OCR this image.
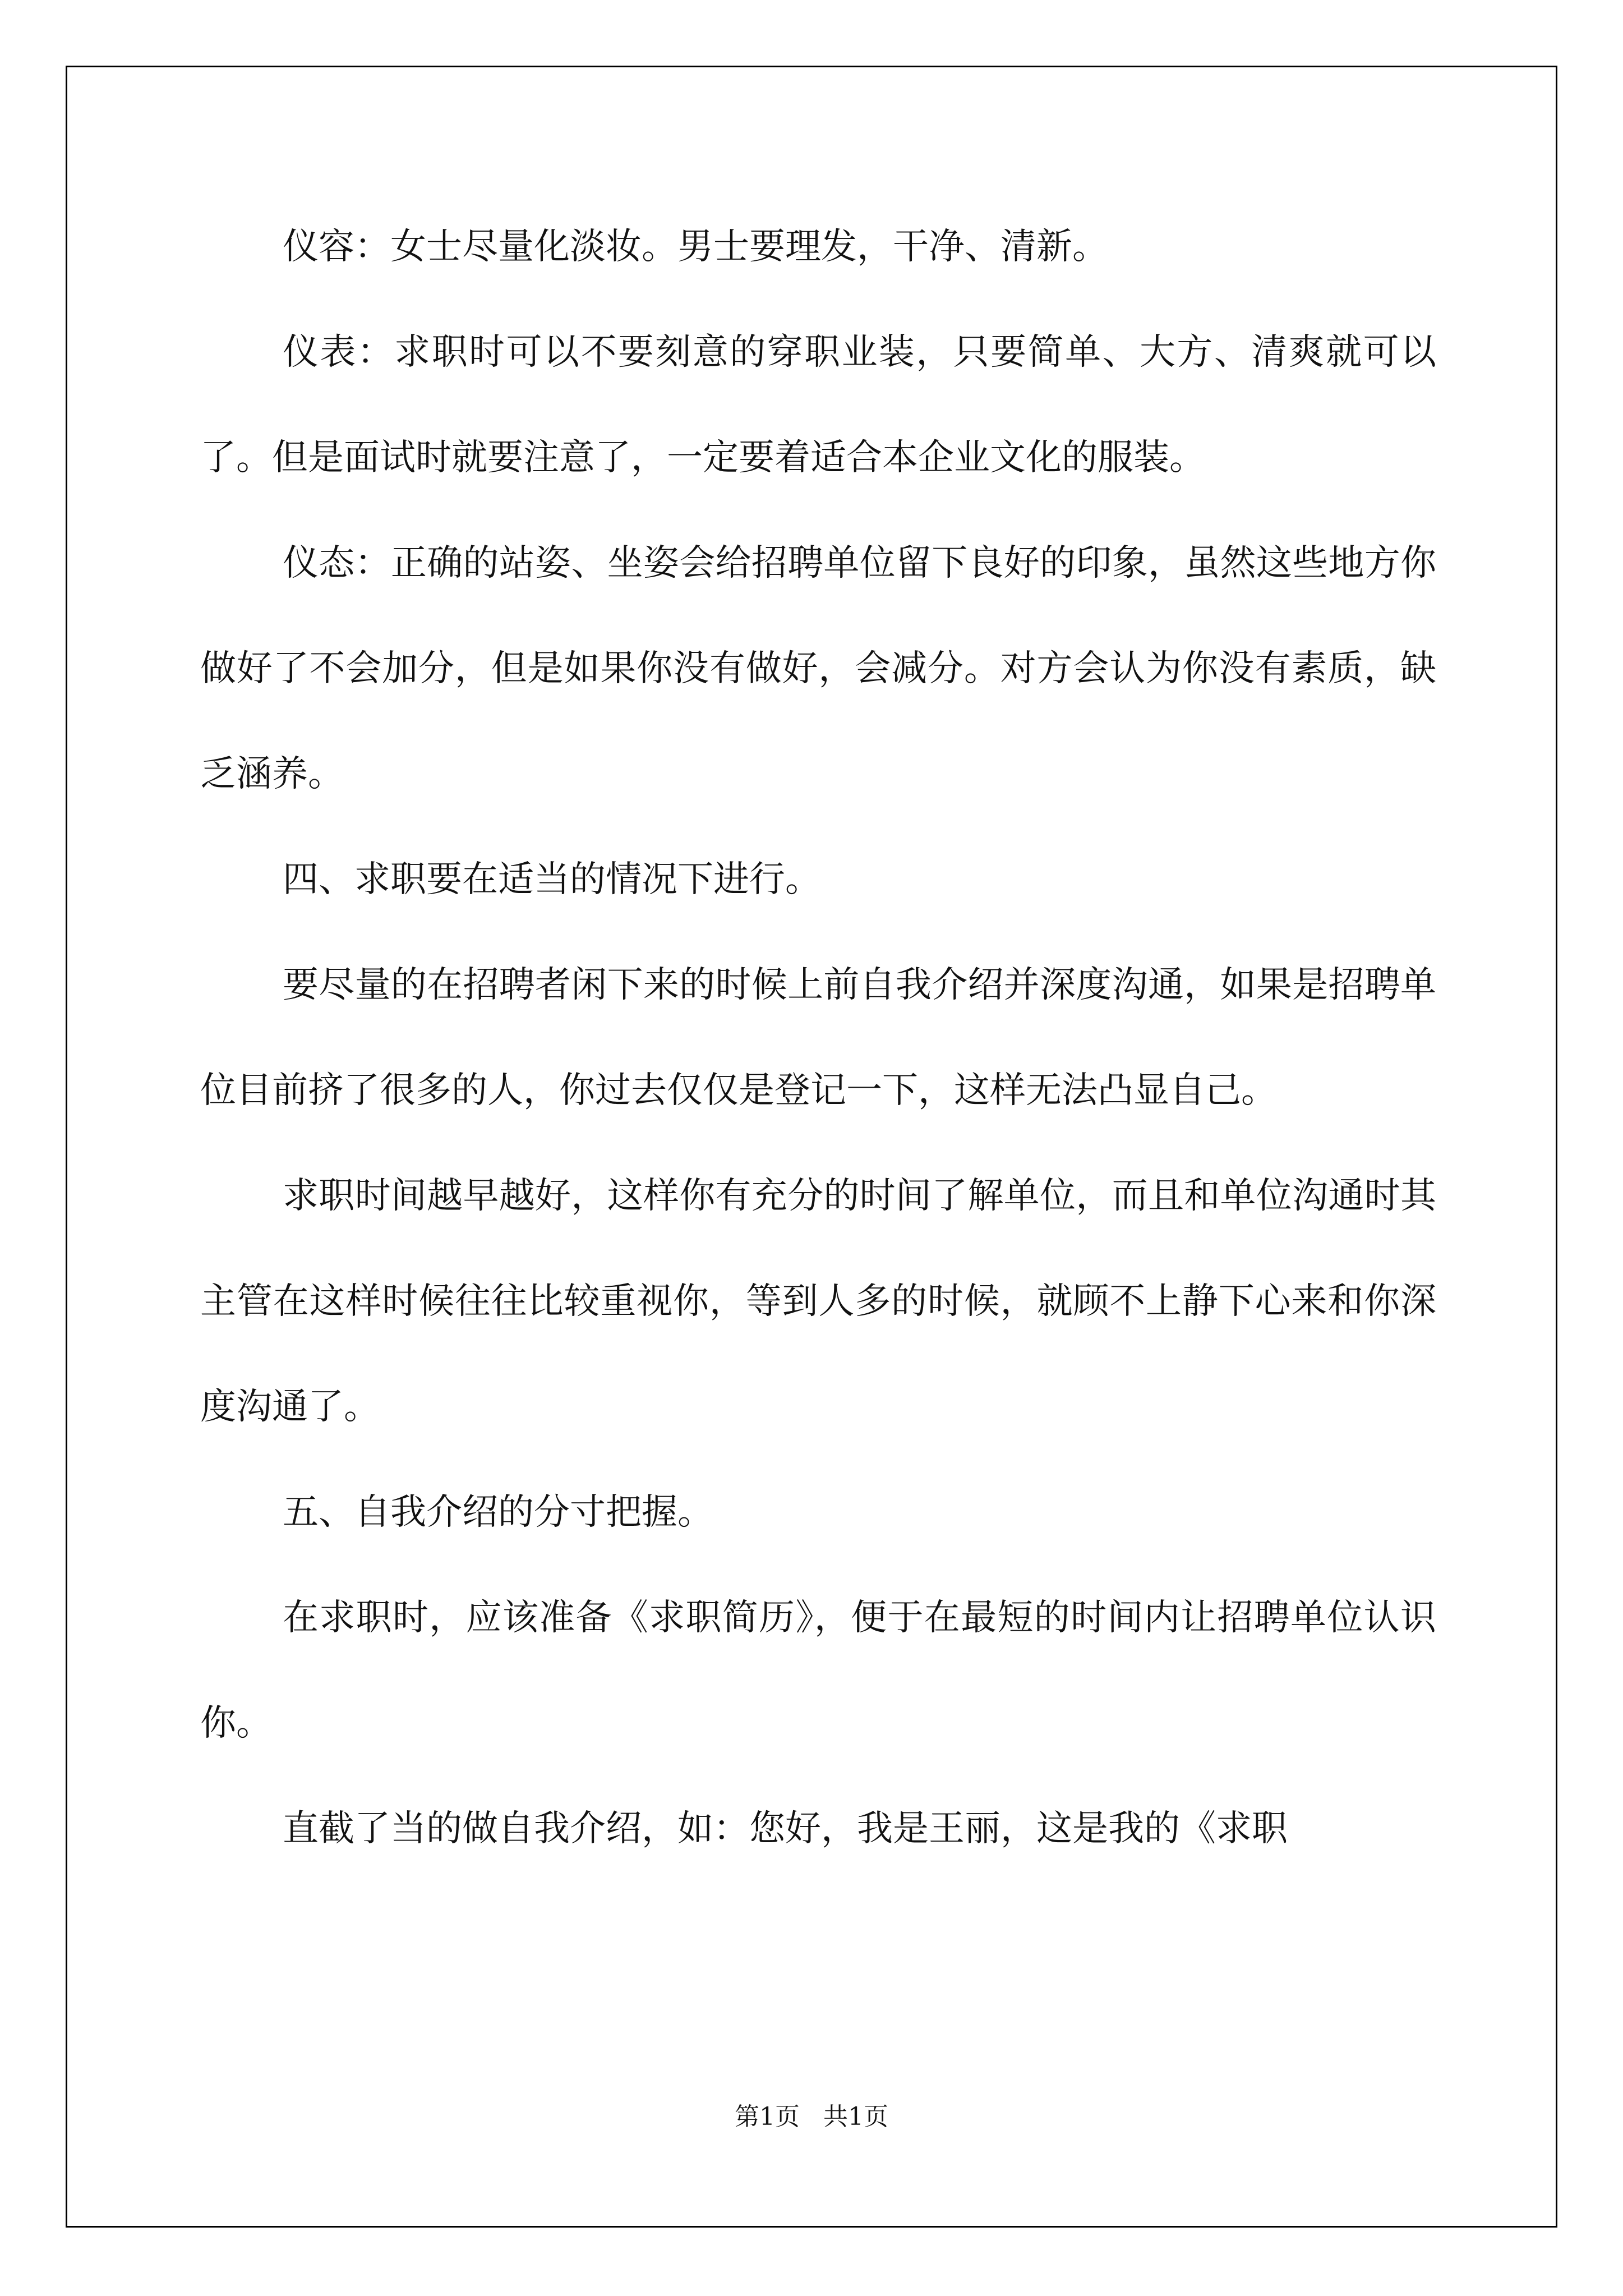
仪容：女士尽量化淡妆。男士要理发，干净、清新。

仪表：求职时可以不要刻意的穿职业装，只要简单、大方、清爽就可以了。但是面试时就要注意了，一定要着适合本企业文化的服装。

仪态：正确的站姿、坐姿会给招聘单位留下良好的印象，虽然这些地方你做好了不会加分，但是如果你没有做好，会减分。对方会认为你没有素质，缺乏涵养。

四、求职要在适当的情况下进行。

要尽量的在招聘者闲下来的时候上前自我介绍并深度沟通，如果是招聘单位目前挤了很多的人，你过去仅仅是登记一下，这样无法凸显自己。

求职时间越早越好，这样你有充分的时间了解单位，而且和单位沟通时其主管在这样时候往往比较重视你，等到人多的时候，就顾不上静下心来和你深度沟通了。

五、自我介绍的分寸把握。

在求职时，应该准备《求职简历》，便于在最短的时间内让招聘单位认识你。

直截了当的做自我介绍，如：您好，我是王丽，这是我的《求职

第1页   共1页
